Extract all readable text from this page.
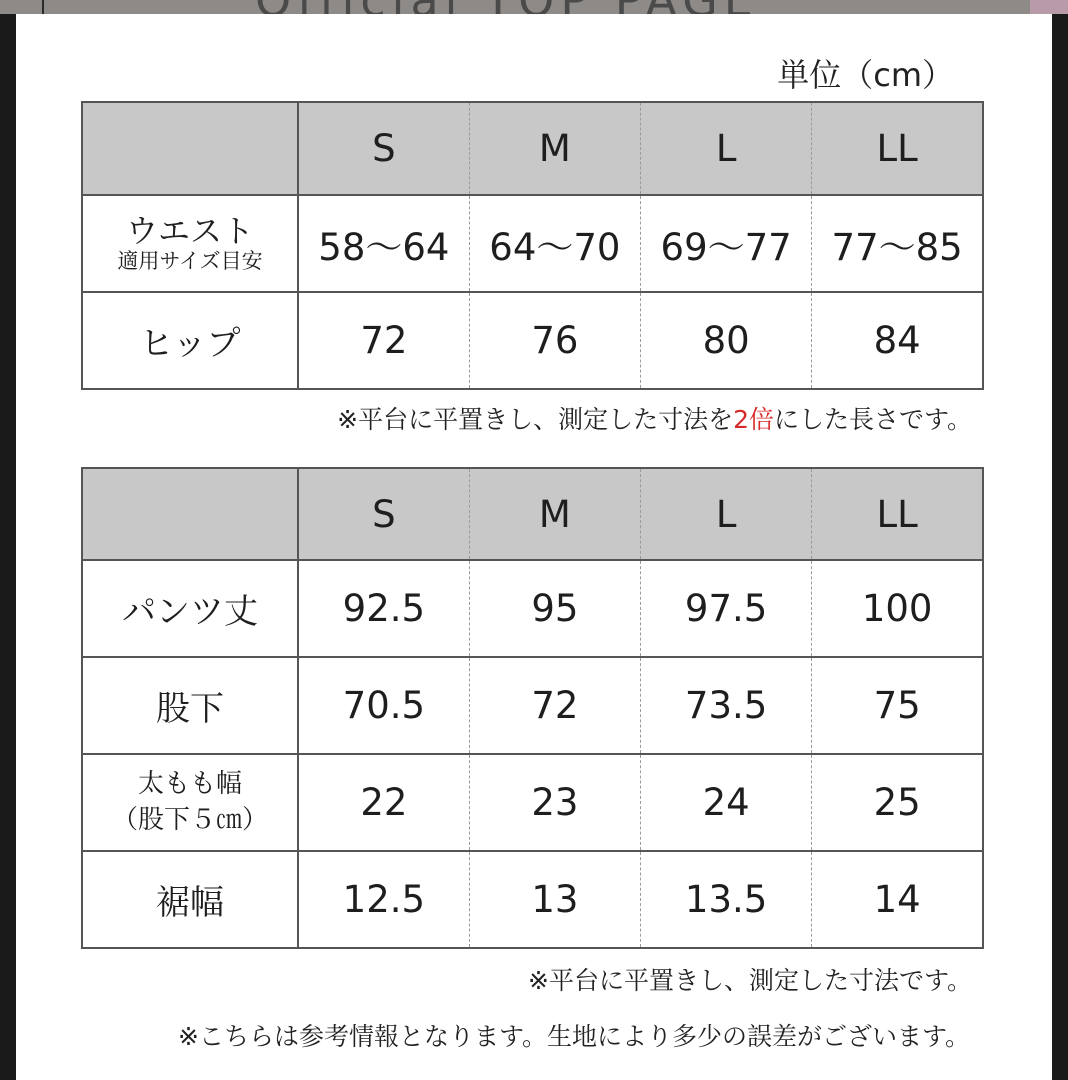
単位（cm）
	S	M	L	LL

ウエスト
適用サイズ目安	58～64	64～70	69～77	77～85
ヒップ	72	76	80	84
※平台に平置きし、測定した寸法を2倍にした長さです。
	S	M	L	LL
パンツ丈	92.5	95	97.5	100
股下	70.5	72	73.5	75

太もも幅
（股下５㎝）	22	23	24	25
裾幅	12.5	13	13.5	14
※平台に平置きし、測定した寸法です。
※こちらは参考情報となります。生地により多少の誤差がございます。
